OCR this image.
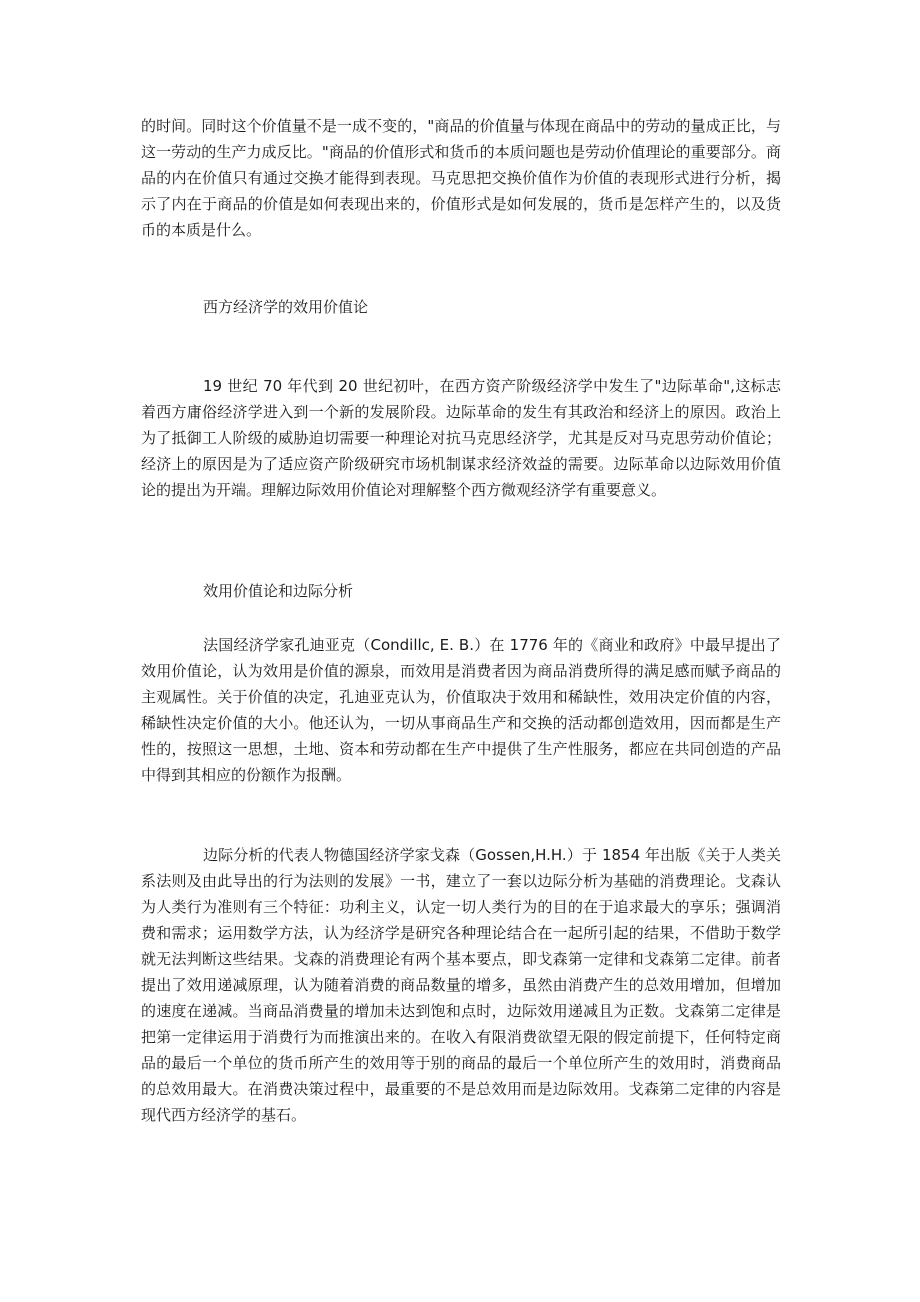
的时间。同时这个价值量不是一成不变的，"商品的价值量与体现在商品中的劳动的量成正比，与这一劳动的生产力成反比。"商品的价值形式和货币的本质问题也是劳动价值理论的重要部分。商品的内在价值只有通过交换才能得到表现。马克思把交换价值作为价值的表现形式进行分析，揭示了内在于商品的价值是如何表现出来的，价值形式是如何发展的，货币是怎样产生的，以及货币的本质是什么。

西方经济学的效用价值论

19 世纪 70 年代到 20 世纪初叶，在西方资产阶级经济学中发生了"边际革命",这标志着西方庸俗经济学进入到一个新的发展阶段。边际革命的发生有其政治和经济上的原因。政治上为了抵御工人阶级的威胁迫切需要一种理论对抗马克思经济学，尤其是反对马克思劳动价值论；经济上的原因是为了适应资产阶级研究市场机制谋求经济效益的需要。边际革命以边际效用价值论的提出为开端。理解边际效用价值论对理解整个西方微观经济学有重要意义。

效用价值论和边际分析

法国经济学家孔迪亚克（Condillc, E. B.）在 1776 年的《商业和政府》中最早提出了效用价值论，认为效用是价值的源泉，而效用是消费者因为商品消费所得的满足感而赋予商品的主观属性。关于价值的决定，孔迪亚克认为，价值取决于效用和稀缺性，效用决定价值的内容，稀缺性决定价值的大小。他还认为，一切从事商品生产和交换的活动都创造效用，因而都是生产性的，按照这一思想，土地、资本和劳动都在生产中提供了生产性服务，都应在共同创造的产品中得到其相应的份额作为报酬。

边际分析的代表人物德国经济学家戈森（Gossen,H.H.）于 1854 年出版《关于人类关系法则及由此导出的行为法则的发展》一书，建立了一套以边际分析为基础的消费理论。戈森认为人类行为准则有三个特征：功利主义，认定一切人类行为的目的在于追求最大的享乐；强调消费和需求；运用数学方法，认为经济学是研究各种理论结合在一起所引起的结果，不借助于数学就无法判断这些结果。戈森的消费理论有两个基本要点，即戈森第一定律和戈森第二定律。前者提出了效用递减原理，认为随着消费的商品数量的增多，虽然由消费产生的总效用增加，但增加的速度在递减。当商品消费量的增加未达到饱和点时，边际效用递减且为正数。戈森第二定律是把第一定律运用于消费行为而推演出来的。在收入有限消费欲望无限的假定前提下，任何特定商品的最后一个单位的货币所产生的效用等于别的商品的最后一个单位所产生的效用时，消费商品的总效用最大。在消费决策过程中，最重要的不是总效用而是边际效用。戈森第二定律的内容是现代西方经济学的基石。
